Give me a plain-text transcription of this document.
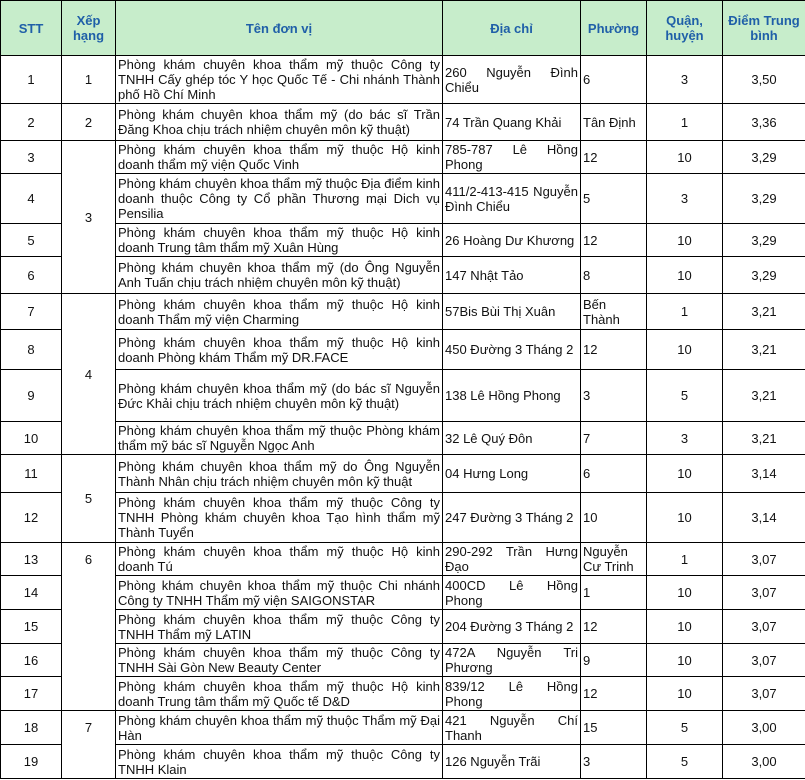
STT	Xếp hạng	Tên đơn vị	Địa chỉ	Phường	Quận, huyện	Điểm Trung bình
1	1	Phòng khám chuyên khoa thẩm mỹ thuộc Công ty TNHH Cấy ghép tóc Y học Quốc Tế - Chi nhánh Thành phố Hồ Chí Minh	260 Nguyễn Đình Chiểu	6	3	3,50
2	2	Phòng khám chuyên khoa thẩm mỹ (do bác sĩ Trần Đăng Khoa chịu trách nhiệm chuyên môn kỹ thuật)	74 Trần Quang Khải	Tân Định	1	3,36
3	3	Phòng khám chuyên khoa thẩm mỹ thuộc Hộ kinh doanh thẩm mỹ viện Quốc Vinh	785-787 Lê Hồng Phong	12	10	3,29
4		Phòng khám chuyên khoa thẩm mỹ thuộc Địa điểm kinh doanh thuộc Công ty Cổ phần Thương mại Dich vụ Pensilia	411/2-413-415 Nguyễn Đình Chiểu	5	3	3,29
5		Phòng khám chuyên khoa thẩm mỹ thuộc Hộ kinh doanh Trung tâm thẩm mỹ Xuân Hùng	26 Hoàng Dư Khương	12	10	3,29
6		Phòng khám chuyên khoa thẩm mỹ (do Ông Nguyễn Anh Tuấn chịu trách nhiệm chuyên môn kỹ thuật)	147 Nhật Tảo	8	10	3,29
7	4	Phòng khám chuyên khoa thẩm mỹ thuộc Hộ kinh doanh Thẩm mỹ viện Charming	57Bis Bùi Thị Xuân	Bến Thành	1	3,21
8		Phòng khám chuyên khoa thẩm mỹ thuộc Hộ kinh doanh Phòng khám Thẩm mỹ DR.FACE	450 Đường 3 Tháng 2	12	10	3,21
9		Phòng khám chuyên khoa thẩm mỹ (do bác sĩ Nguyễn Đức Khải chịu trách nhiệm chuyên môn kỹ thuật)	138 Lê Hồng Phong	3	5	3,21
10		Phòng khám chuyên khoa thẩm mỹ thuộc Phòng khám thẩm mỹ bác sĩ Nguyễn Ngọc Anh	32 Lê Quý Đôn	7	3	3,21
11	5	Phòng khám chuyên khoa thẩm mỹ do Ông Nguyễn Thành Nhân chịu trách nhiệm chuyên môn kỹ thuật	04 Hưng Long	6	10	3,14
12		Phòng khám chuyên khoa thẩm mỹ thuộc Công ty TNHH Phòng khám chuyên khoa Tạo hình thẩm mỹ Thành Tuyển	247 Đường 3 Tháng 2	10	10	3,14
13	6	Phòng khám chuyên khoa thẩm mỹ thuộc Hộ kinh doanh Tú	290-292 Trần Hưng Đạo	Nguyễn Cư Trinh	1	3,07
14		Phòng khám chuyên khoa thẩm mỹ thuộc Chi nhánh Công ty TNHH Thẩm mỹ viện SAIGONSTAR	400CD Lê Hồng Phong	1	10	3,07
15		Phòng khám chuyên khoa thẩm mỹ thuộc Công ty TNHH Thẩm mỹ LATIN	204 Đường 3 Tháng 2	12	10	3,07
16		Phòng khám chuyên khoa thẩm mỹ thuộc Công ty TNHH Sài Gòn New Beauty Center	472A Nguyễn Tri Phương	9	10	3,07
17		Phòng khám chuyên khoa thẩm mỹ thuộc Hộ kinh doanh Trung tâm thẩm mỹ Quốc tế D&D	839/12 Lê Hồng Phong	12	10	3,07
18	7	Phòng khám chuyên khoa thẩm mỹ thuộc Thẩm mỹ Đại Hàn	421 Nguyễn Chí Thanh	15	5	3,00
19		Phòng khám chuyên khoa thẩm mỹ thuộc Công ty TNHH Klain	126 Nguyễn Trãi	3	5	3,00
